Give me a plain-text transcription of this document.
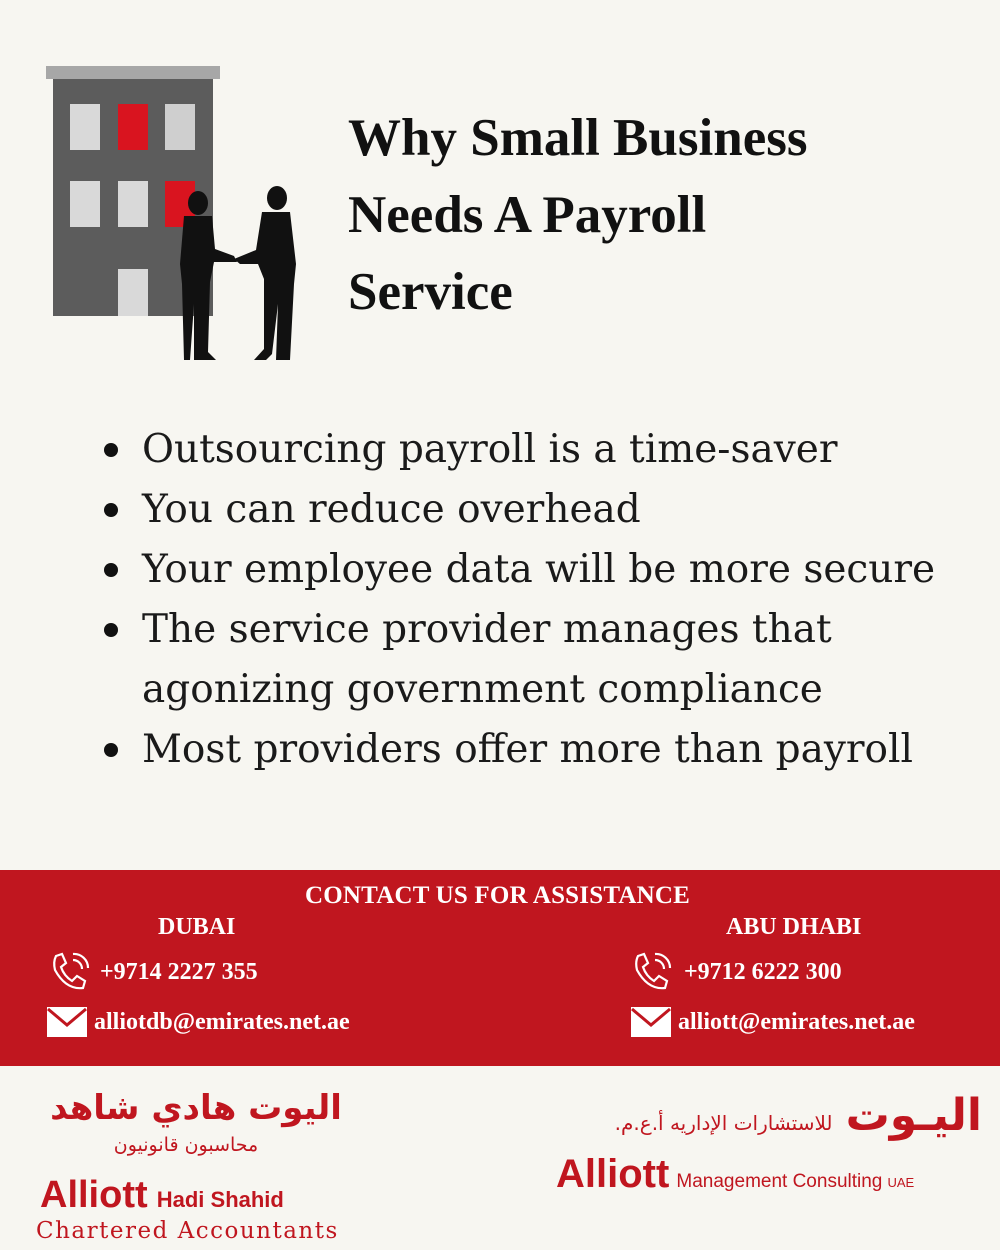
Why Small Business
Needs A Payroll
Service
Outsourcing payroll is a time-saver
You can reduce overhead
Your employee data will be more secure
The service provider manages that agonizing government compliance
Most providers offer more than payroll
CONTACT US FOR ASSISTANCE
DUBAI	ABU DHABI
+9714 2227 355
alliotdb@emirates.net.ae
+9712 6222 300
alliott@emirates.net.ae
اليوت هادي شاهد
محاسبون قانونيون
Alliott Hadi Shahid
Chartered Accountants
اليـوت للاستشارات الإداريه أ.ع.م.
Alliott Management Consulting UAE
